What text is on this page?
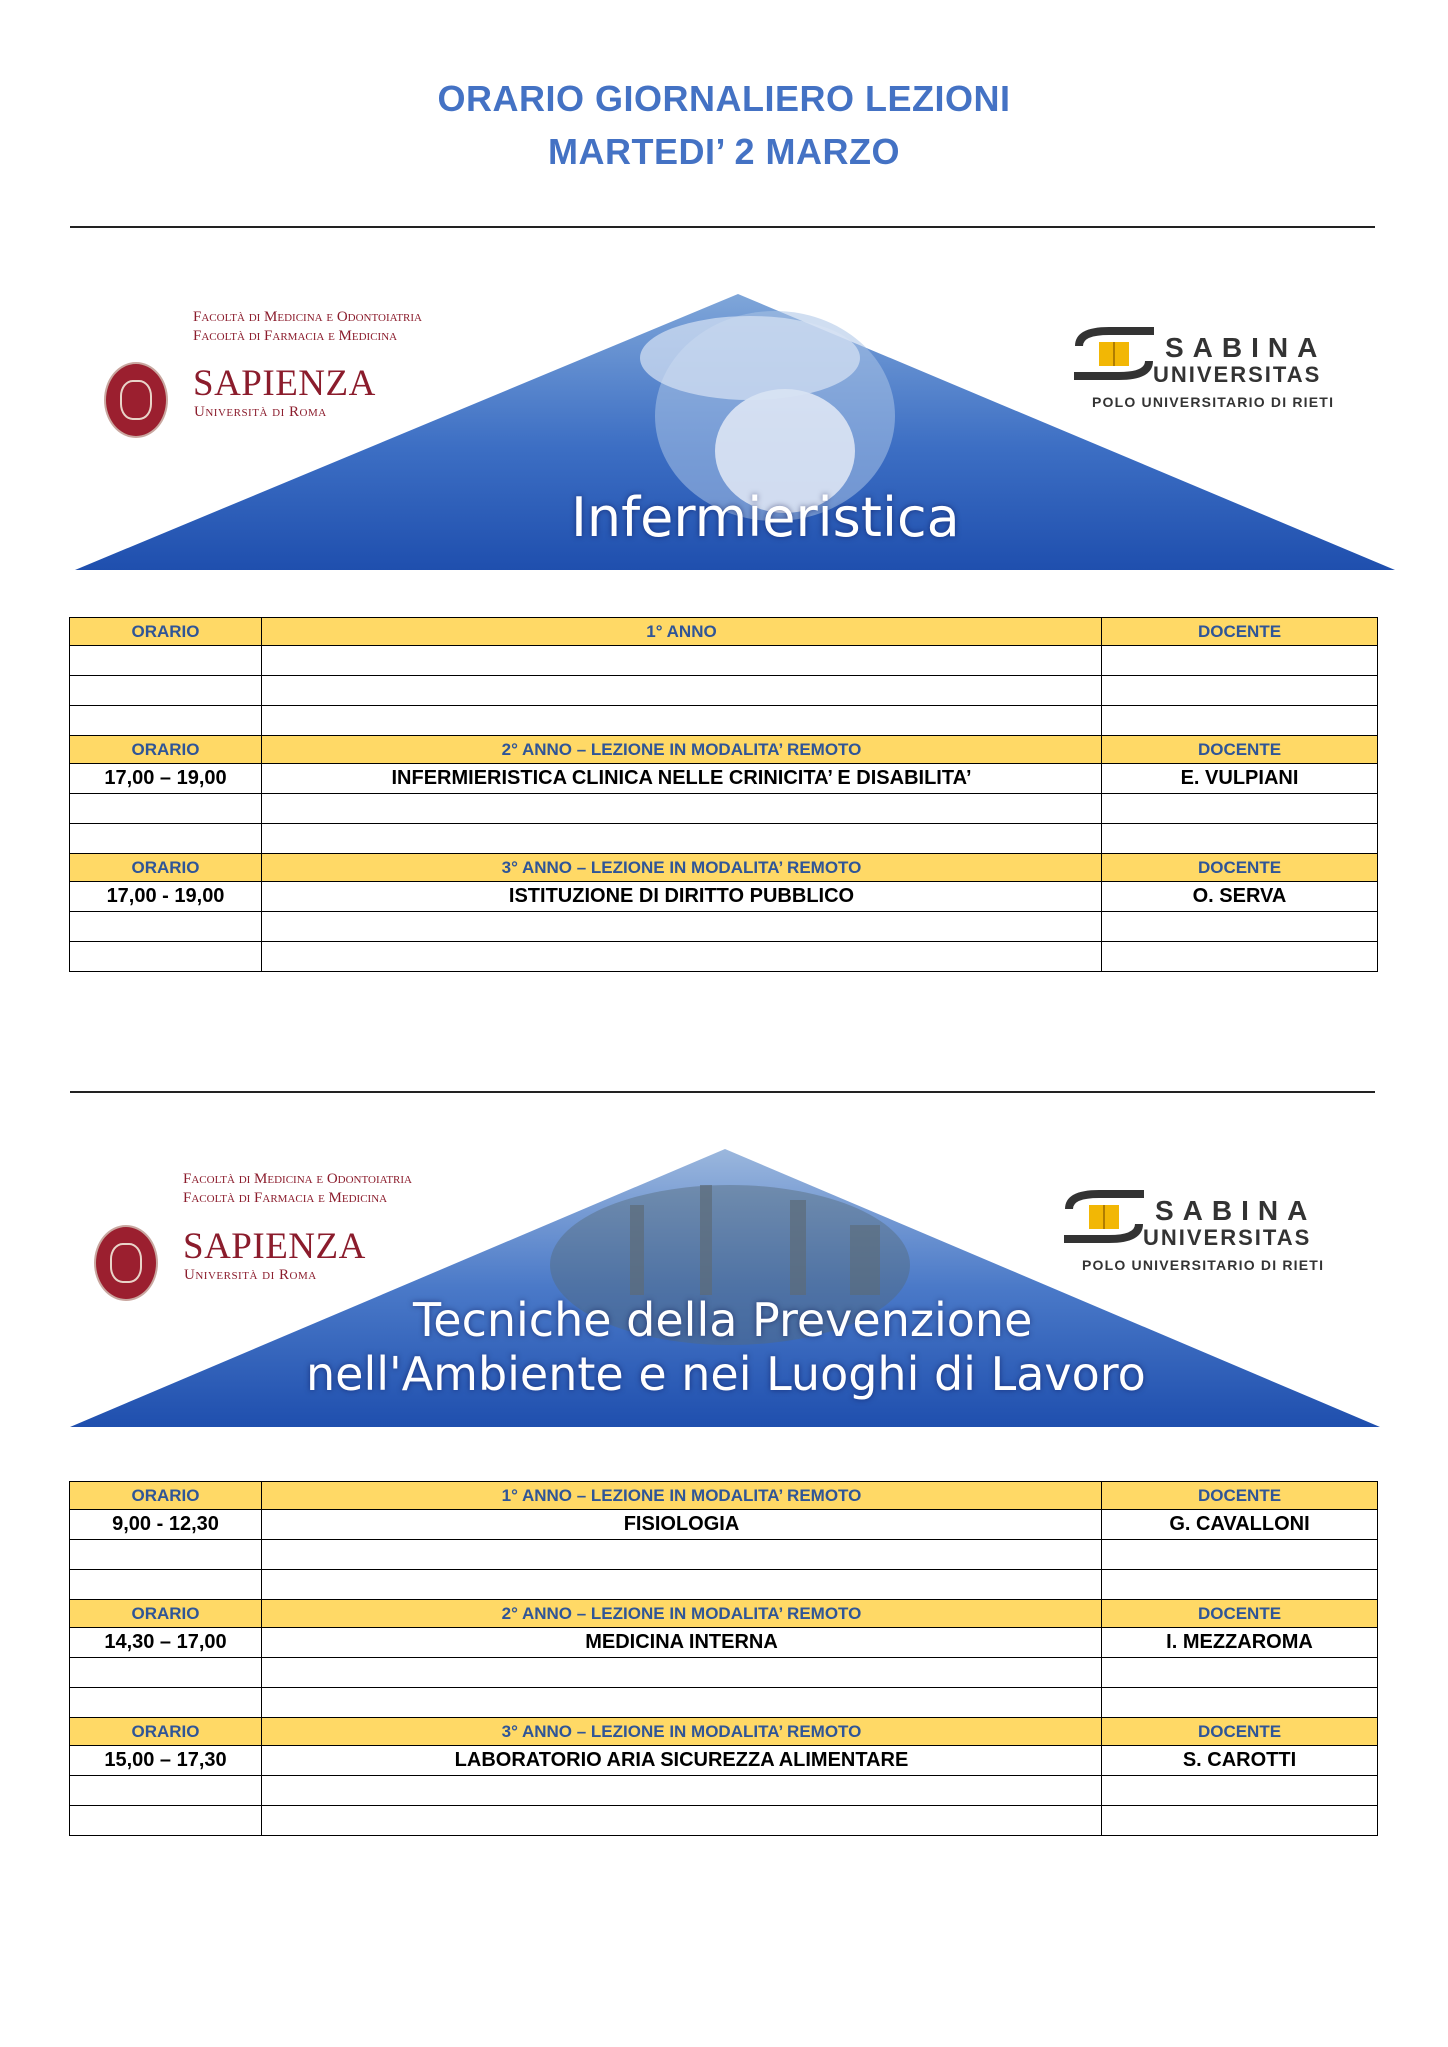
ORARIO GIORNALIERO LEZIONI
MARTEDI’ 2 MARZO
Facoltà di Medicina e Odontoiatria
Facoltà di Farmacia e Medicina
SAPIENZA
Università di Roma
SABINA
UNIVERSITAS
POLO UNIVERSITARIO DI RIETI
Infermieristica
ORARIO	1° ANNO	DOCENTE

ORARIO	2° ANNO – LEZIONE IN MODALITA’ REMOTO	DOCENTE
17,00 – 19,00	INFERMIERISTICA CLINICA NELLE CRINICITA’ E DISABILITA’	E. VULPIANI

ORARIO	3° ANNO – LEZIONE IN MODALITA’ REMOTO	DOCENTE
17,00 - 19,00	ISTITUZIONE DI DIRITTO PUBBLICO	O. SERVA

Facoltà di Medicina e Odontoiatria
Facoltà di Farmacia e Medicina
SAPIENZA
Università di Roma
SABINA
UNIVERSITAS
POLO UNIVERSITARIO DI RIETI
Tecniche della Prevenzione
nell'Ambiente e nei Luoghi di Lavoro
ORARIO	1° ANNO – LEZIONE IN MODALITA’ REMOTO	DOCENTE
9,00 - 12,30	FISIOLOGIA	G. CAVALLONI

ORARIO	2° ANNO – LEZIONE IN MODALITA’ REMOTO	DOCENTE
14,30 – 17,00	MEDICINA INTERNA	I. MEZZAROMA

ORARIO	3° ANNO – LEZIONE IN MODALITA’ REMOTO	DOCENTE
15,00 – 17,30	LABORATORIO ARIA SICUREZZA ALIMENTARE	S. CAROTTI
